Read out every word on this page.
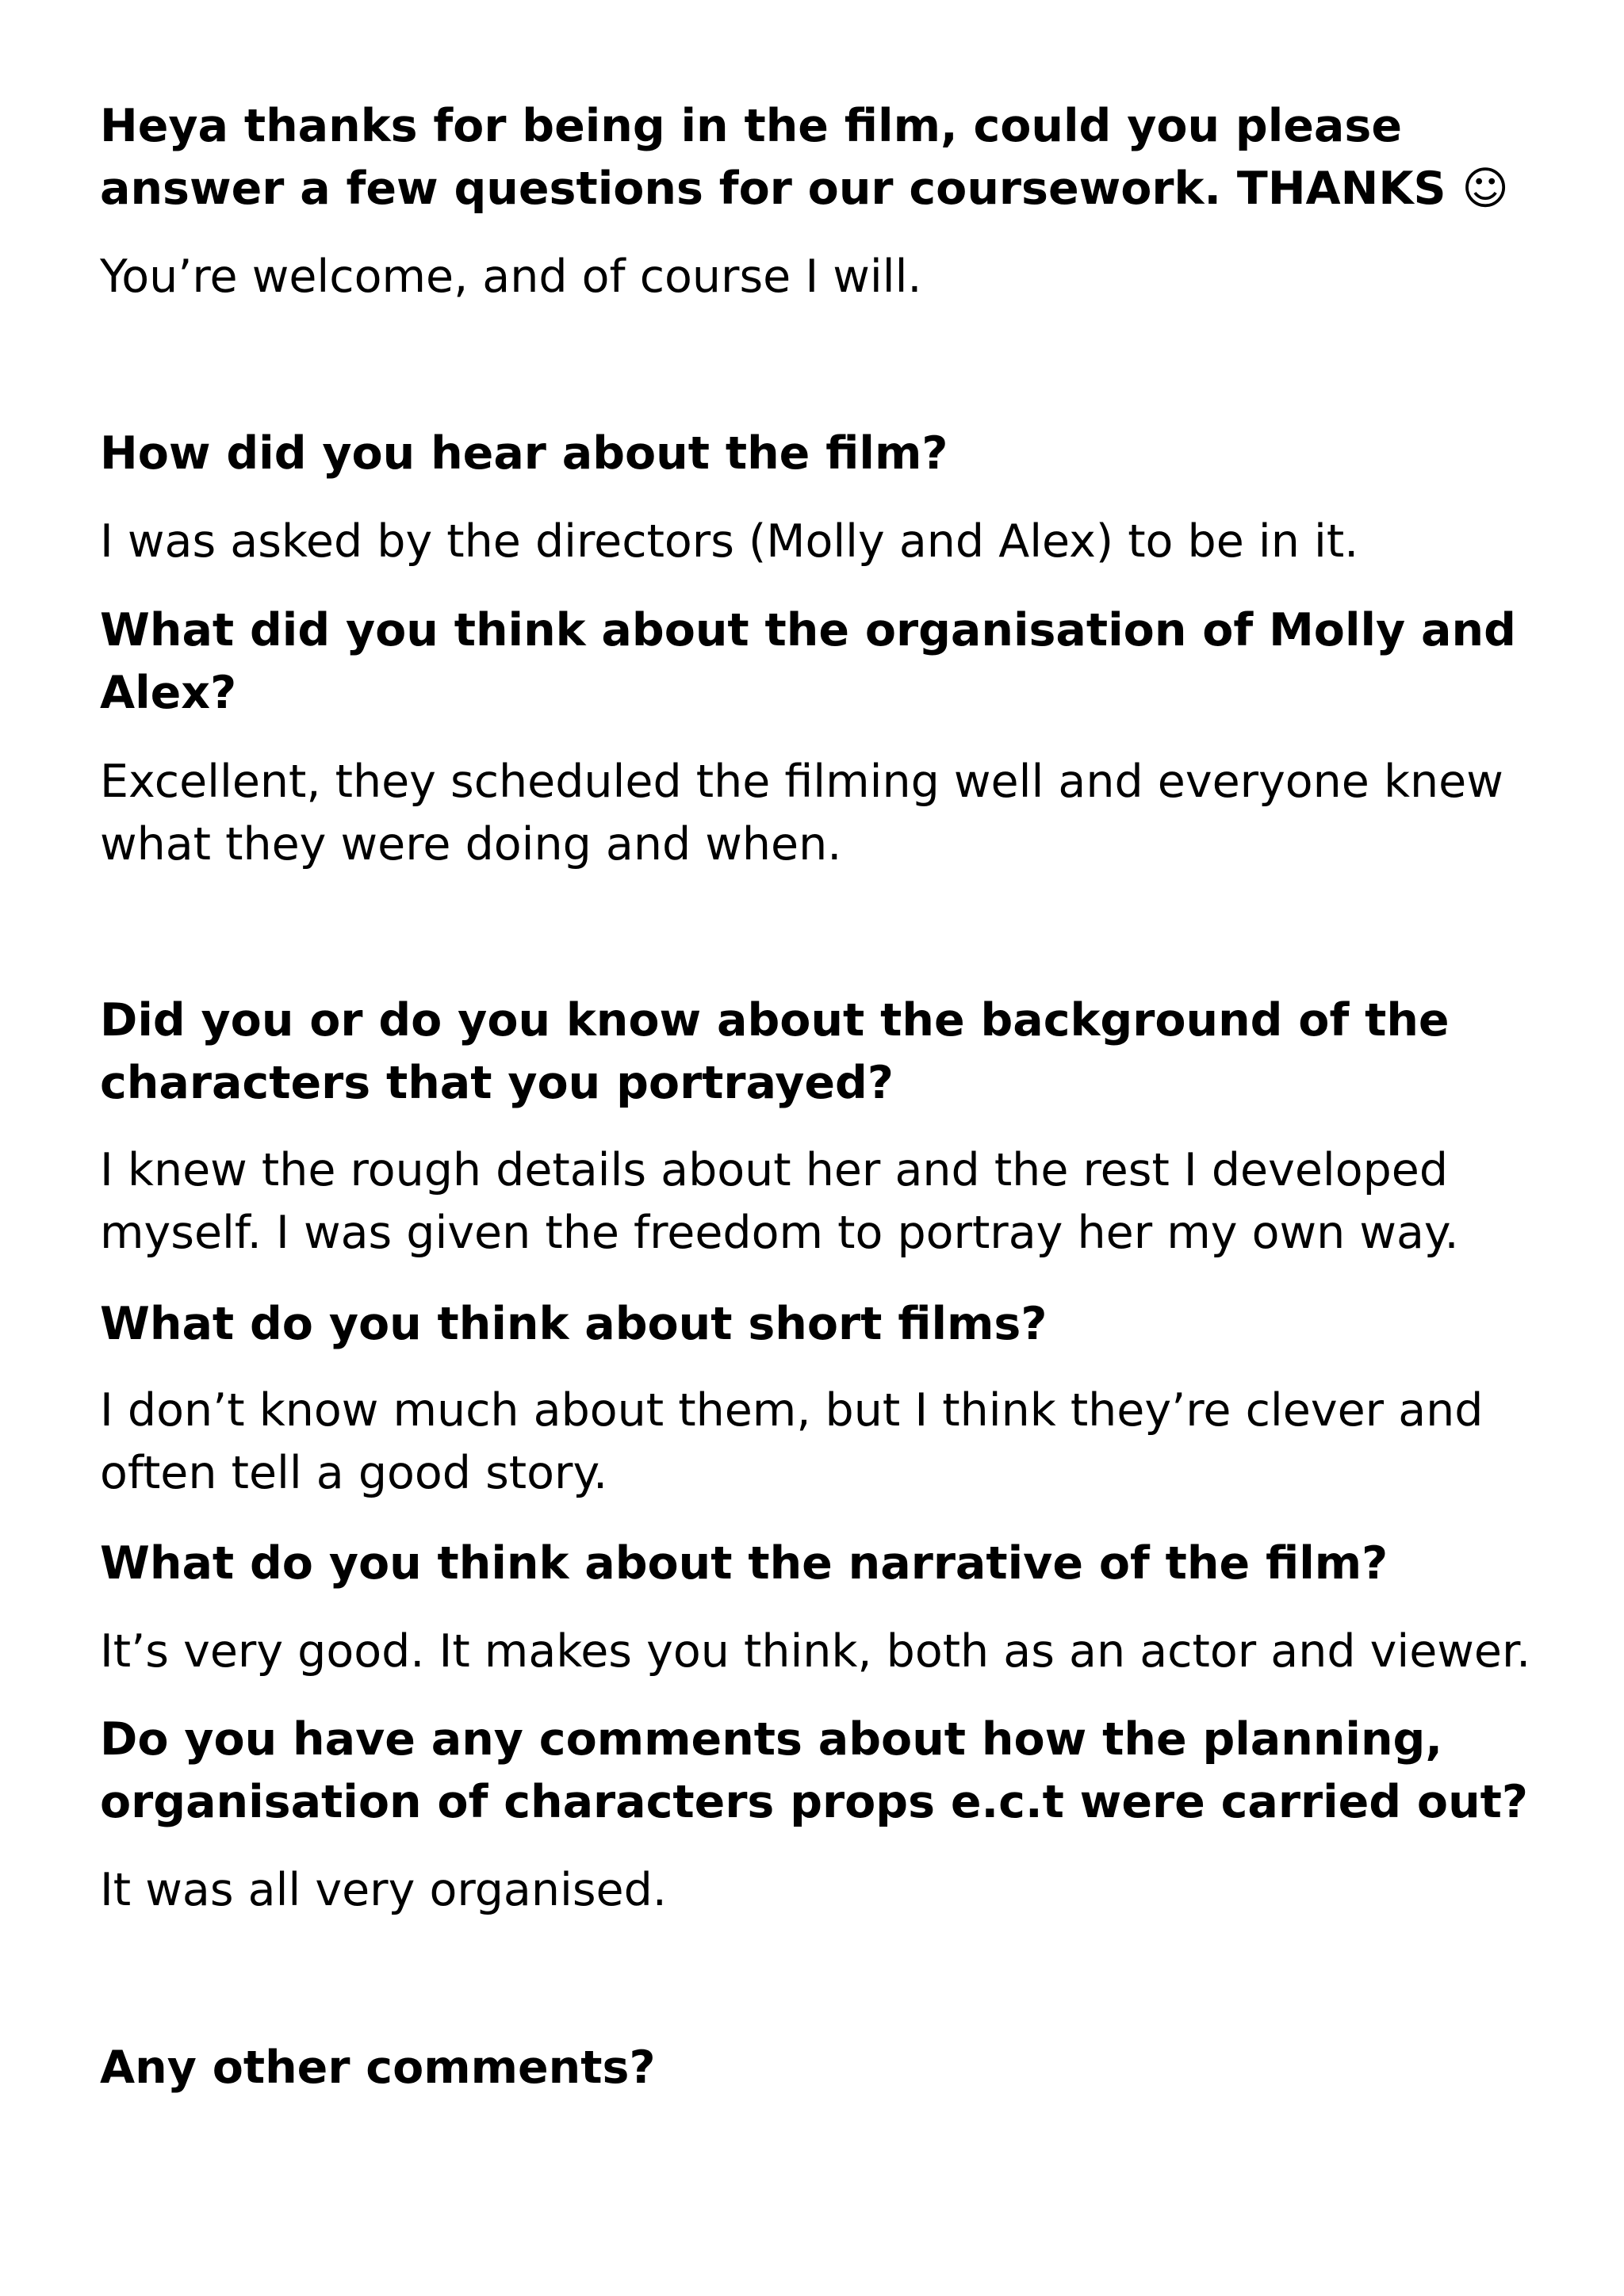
Heya thanks for being in the film, could you please

answer a few questions for our coursework. THANKS ☺

You’re welcome, and of course I will.

How did you hear about the film?

I was asked by the directors (Molly and Alex) to be in it.

What did you think about the organisation of Molly and

Alex?

Excellent, they scheduled the filming well and everyone knew

what they were doing and when.

Did you or do you know about the background of the

characters that you portrayed?

I knew the rough details about her and the rest I developed

myself. I was given the freedom to portray her my own way.

What do you think about short films?

I don’t know much about them, but I think they’re clever and

often tell a good story.

What do you think about the narrative of the film?

It’s very good. It makes you think, both as an actor and viewer.

Do you have any comments about how the planning,

organisation of characters props e.c.t were carried out?

It was all very organised.

Any other comments?
